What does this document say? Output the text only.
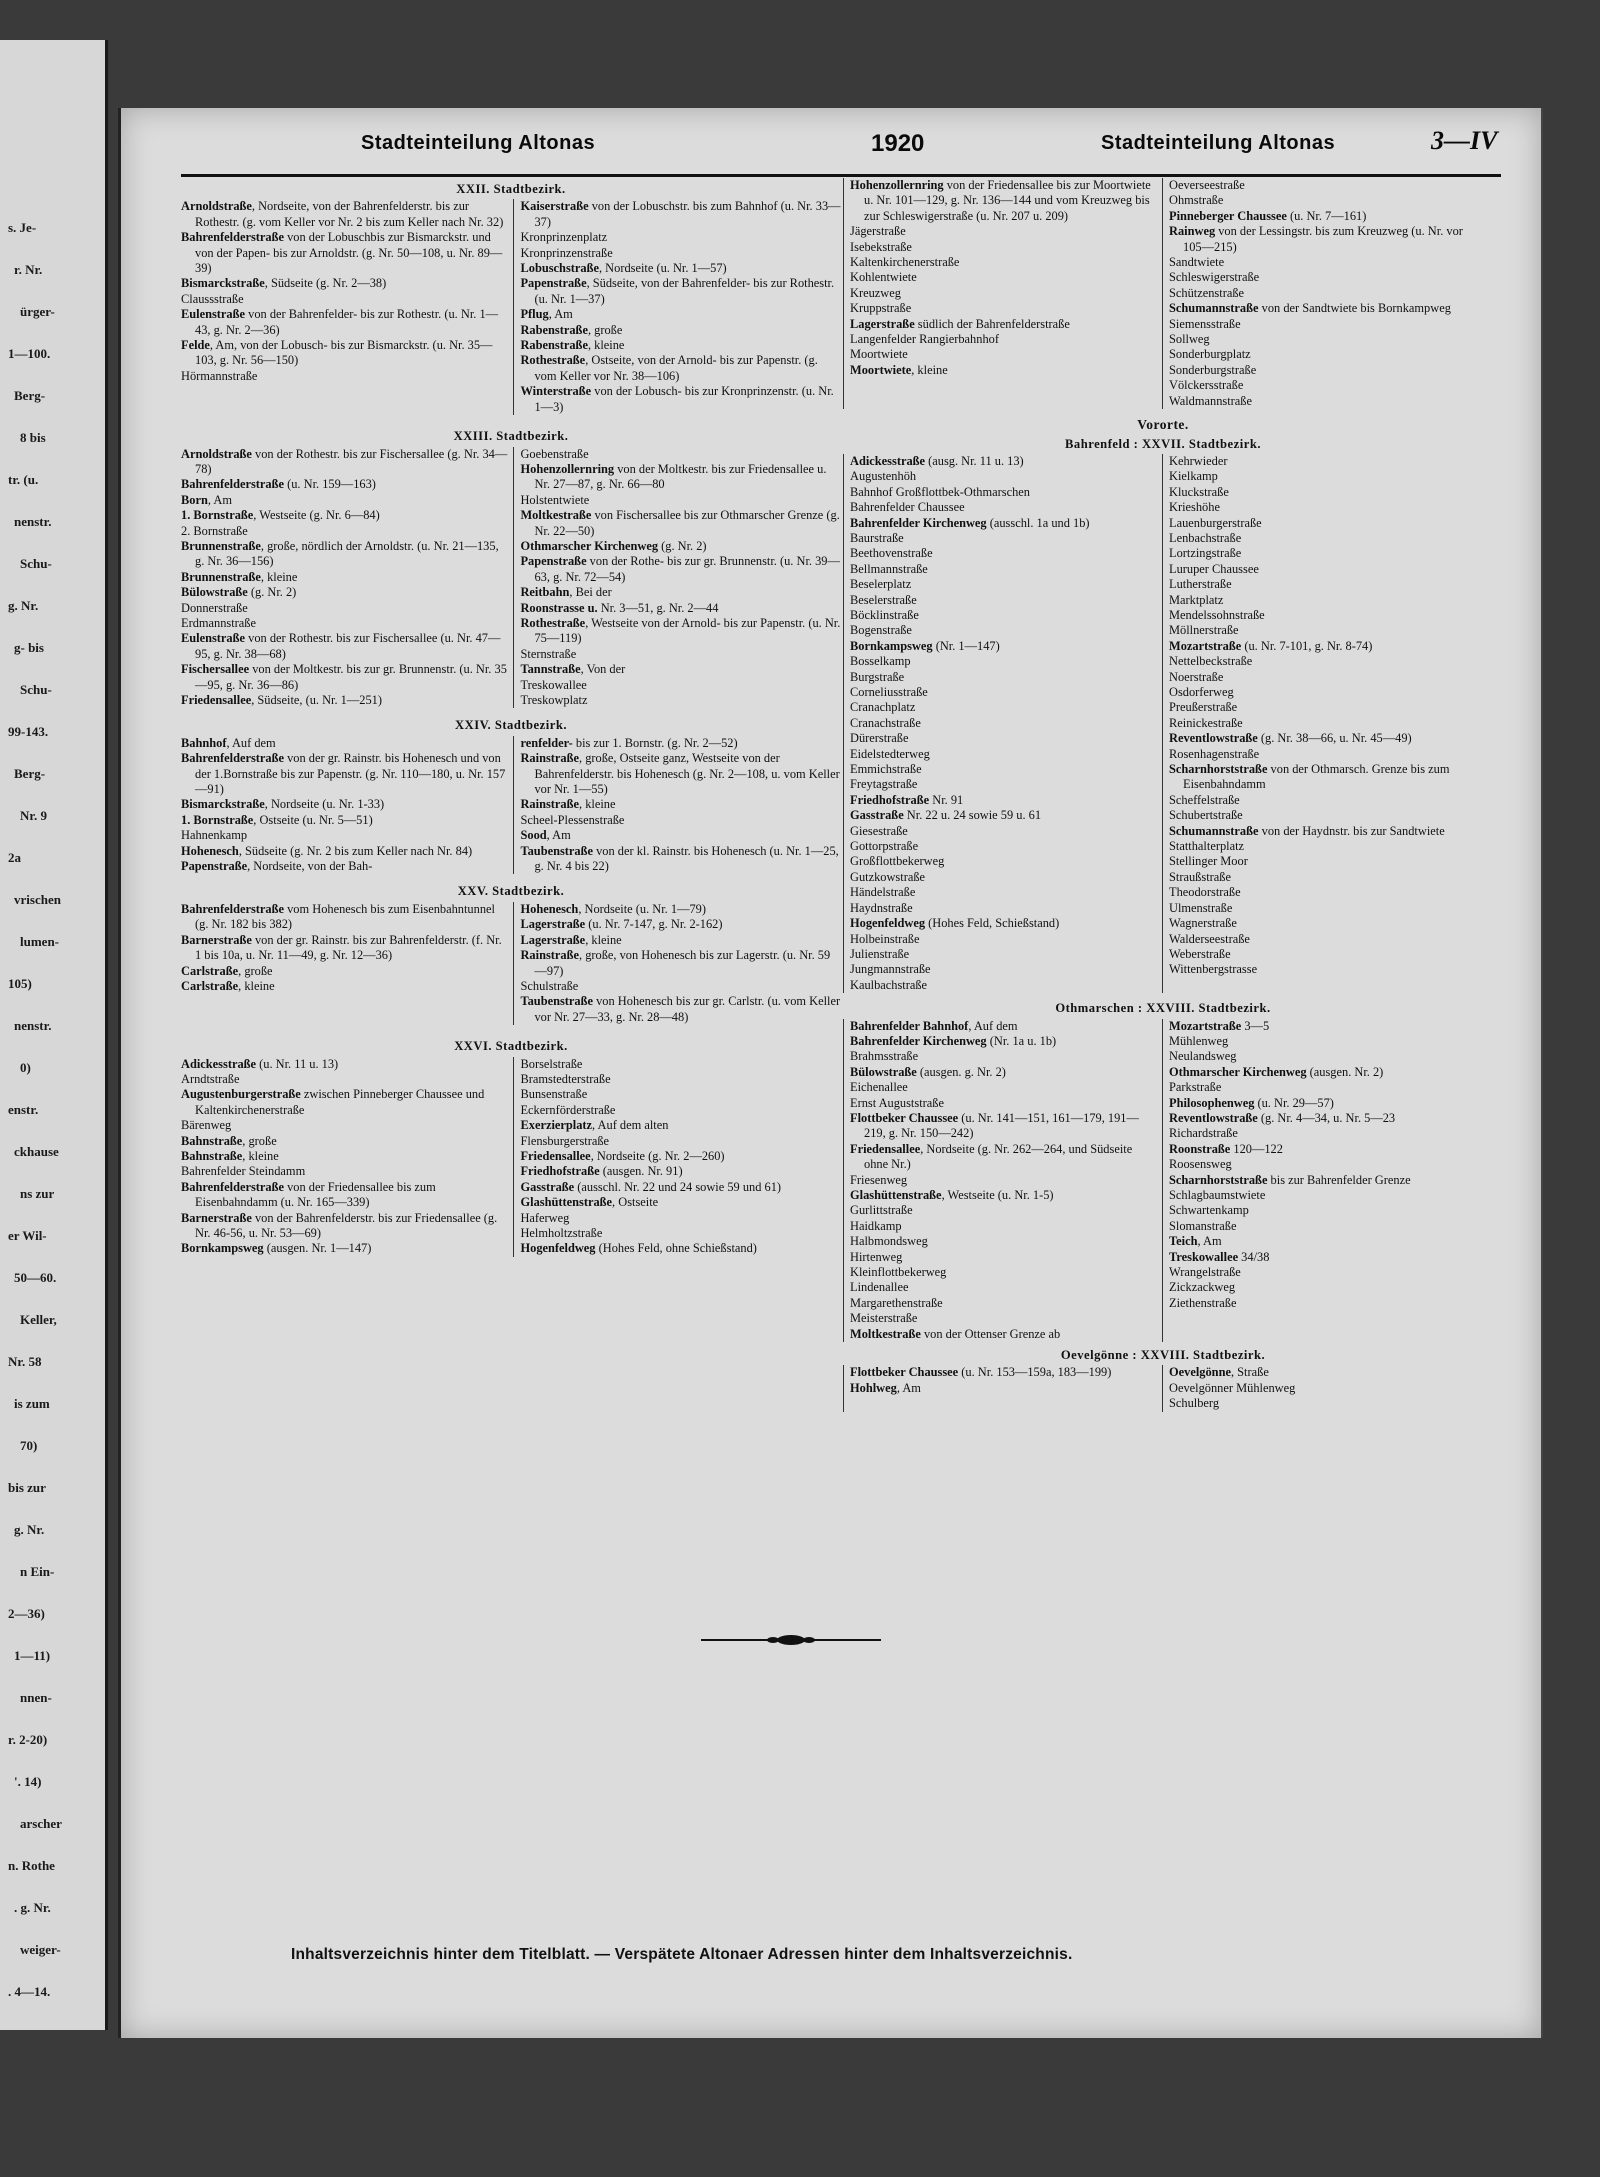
s. Je-
r. Nr.
ürger-
1—100.
Berg-
8 bis
tr. (u.
nenstr.
Schu-
g. Nr.
g- bis
Schu-
99-143.
Berg-
Nr. 9
2a
vrischen
lumen-
105)
nenstr.
0)
enstr.
ckhause
ns zur
er Wil-
50—60.
Keller,
Nr. 58
is zum
70)
bis zur
g. Nr.
n Ein-
2—36)
1—11)
nnen-
r. 2-20)
'. 14)
arscher
n. Rothe
. g. Nr.
weiger-
. 4—14.
Stadteinteilung Altonas	1920	Stadteinteilung Altonas	3—IV
XXII. Stadtbezirk.
Arnoldstraße, Nordseite, von der Bahrenfelderstr. bis zur Rothestr. (g. vom Keller vor Nr. 2 bis zum Keller nach Nr. 32)
Bahrenfelderstraße von der Lobuschbis zur Bismarckstr. und von der Papen- bis zur Arnoldstr. (g. Nr. 50—108, u. Nr. 89—39)
Bismarckstraße, Südseite (g. Nr. 2—38)
Claussstraße
Eulenstraße von der Bahrenfelder- bis zur Rothestr. (u. Nr. 1—43, g. Nr. 2—36)
Felde, Am, von der Lobusch- bis zur Bismarckstr. (u. Nr. 35—103, g. Nr. 56—150)
Hörmannstraße
Kaiserstraße von der Lobuschstr. bis zum Bahnhof (u. Nr. 33—37)
Kronprinzenplatz
Kronprinzenstraße
Lobuschstraße, Nordseite (u. Nr. 1—57)
Papenstraße, Südseite, von der Bahrenfelder- bis zur Rothestr. (u. Nr. 1—37)
Pflug, Am
Rabenstraße, große
Rabenstraße, kleine
Rothestraße, Ostseite, von der Arnold- bis zur Papenstr. (g. vom Keller vor Nr. 38—106)
Winterstraße von der Lobusch- bis zur Kronprinzenstr. (u. Nr. 1—3)
XXIII. Stadtbezirk.
Arnoldstraße von der Rothestr. bis zur Fischersallee (g. Nr. 34—78)
Bahrenfelderstraße (u. Nr. 159—163)
Born, Am
1. Bornstraße, Westseite (g. Nr. 6—84)
2. Bornstraße
Brunnenstraße, große, nördlich der Arnoldstr. (u. Nr. 21—135, g. Nr. 36—156)
Brunnenstraße, kleine
Bülowstraße (g. Nr. 2)
Donnerstraße
Erdmannstraße
Eulenstraße von der Rothestr. bis zur Fischersallee (u. Nr. 47—95, g. Nr. 38—68)
Fischersallee von der Moltkestr. bis zur gr. Brunnenstr. (u. Nr. 35—95, g. Nr. 36—86)
Friedensallee, Südseite, (u. Nr. 1—251)
Goebenstraße
Hohenzollernring von der Moltkestr. bis zur Friedensallee u. Nr. 27—87, g. Nr. 66—80
Holstentwiete
Moltkestraße von Fischersallee bis zur Othmarscher Grenze (g. Nr. 22—50)
Othmarscher Kirchenweg (g. Nr. 2)
Papenstraße von der Rothe- bis zur gr. Brunnenstr. (u. Nr. 39—63, g. Nr. 72—54)
Reitbahn, Bei der
Roonstrasse u. Nr. 3—51, g. Nr. 2—44
Rothestraße, Westseite von der Arnold- bis zur Papenstr. (u. Nr. 75—119)
Sternstraße
Tannstraße, Von der
Treskowallee
Treskowplatz
XXIV. Stadtbezirk.
Bahnhof, Auf dem
Bahrenfelderstraße von der gr. Rainstr. bis Hohenesch und von der 1.Bornstraße bis zur Papenstr. (g. Nr. 110—180, u. Nr. 157—91)
Bismarckstraße, Nordseite (u. Nr. 1-33)
1. Bornstraße, Ostseite (u. Nr. 5—51)
Hahnenkamp
Hohenesch, Südseite (g. Nr. 2 bis zum Keller nach Nr. 84)
Papenstraße, Nordseite, von der Bah-
renfelder- bis zur 1. Bornstr. (g. Nr. 2—52)
Rainstraße, große, Ostseite ganz, Westseite von der Bahrenfelderstr. bis Hohenesch (g. Nr. 2—108, u. vom Keller vor Nr. 1—55)
Rainstraße, kleine
Scheel-Plessenstraße
Sood, Am
Taubenstraße von der kl. Rainstr. bis Hohenesch (u. Nr. 1—25, g. Nr. 4 bis 22)
XXV. Stadtbezirk.
Bahrenfelderstraße vom Hohenesch bis zum Eisenbahntunnel (g. Nr. 182 bis 382)
Barnerstraße von der gr. Rainstr. bis zur Bahrenfelderstr. (f. Nr. 1 bis 10a, u. Nr. 11—49, g. Nr. 12—36)
Carlstraße, große
Carlstraße, kleine
Hohenesch, Nordseite (u. Nr. 1—79)
Lagerstraße (u. Nr. 7-147, g. Nr. 2-162)
Lagerstraße, kleine
Rainstraße, große, von Hohenesch bis zur Lagerstr. (u. Nr. 59—97)
Schulstraße
Taubenstraße von Hohenesch bis zur gr. Carlstr. (u. vom Keller vor Nr. 27—33, g. Nr. 28—48)
XXVI. Stadtbezirk.
Adickesstraße (u. Nr. 11 u. 13)
Arndtstraße
Augustenburgerstraße zwischen Pinneberger Chaussee und Kaltenkirchenerstraße
Bärenweg
Bahnstraße, große
Bahnstraße, kleine
Bahrenfelder Steindamm
Bahrenfelderstraße von der Friedensallee bis zum Eisenbahndamm (u. Nr. 165—339)
Barnerstraße von der Bahrenfelderstr. bis zur Friedensallee (g. Nr. 46-56, u. Nr. 53—69)
Bornkampsweg (ausgen. Nr. 1—147)
Borselstraße
Bramstedterstraße
Bunsenstraße
Eckernförderstraße
Exerzierplatz, Auf dem alten
Flensburgerstraße
Friedensallee, Nordseite (g. Nr. 2—260)
Friedhofstraße (ausgen. Nr. 91)
Gasstraße (ausschl. Nr. 22 und 24 sowie 59 und 61)
Glashüttenstraße, Ostseite
Haferweg
Helmholtzstraße
Hogenfeldweg (Hohes Feld, ohne Schießstand)
Hohenzollernring von der Friedensallee bis zur Moortwiete u. Nr. 101—129, g. Nr. 136—144 und vom Kreuzweg bis zur Schleswigerstraße (u. Nr. 207 u. 209)
Jägerstraße
Isebekstraße
Kaltenkirchenerstraße
Kohlentwiete
Kreuzweg
Kruppstraße
Lagerstraße südlich der Bahrenfelderstraße
Langenfelder Rangierbahnhof
Moortwiete
Moortwiete, kleine
Oeverseestraße
Ohmstraße
Pinneberger Chaussee (u. Nr. 7—161)
Rainweg von der Lessingstr. bis zum Kreuzweg (u. Nr. vor 105—215)
Sandtwiete
Schleswigerstraße
Schützenstraße
Schumannstraße von der Sandtwiete bis Bornkampweg
Siemensstraße
Sollweg
Sonderburgplatz
Sonderburgstraße
Völckersstraße
Waldmannstraße
Vororte.
Bahrenfeld : XXVII. Stadtbezirk.
Adickesstraße (ausg. Nr. 11 u. 13)
Augustenhöh
Bahnhof Großflottbek-Othmarschen
Bahrenfelder Chaussee
Bahrenfelder Kirchenweg (ausschl. 1a und 1b)
Baurstraße
Beethovenstraße
Bellmannstraße
Beselerplatz
Beselerstraße
Böcklinstraße
Bogenstraße
Bornkampsweg (Nr. 1—147)
Bosselkamp
Burgstraße
Corneliusstraße
Cranachplatz
Cranachstraße
Dürerstraße
Eidelstedterweg
Emmichstraße
Freytagstraße
Friedhofstraße Nr. 91
Gasstraße Nr. 22 u. 24 sowie 59 u. 61
Giesestraße
Gottorpstraße
Großflottbekerweg
Gutzkowstraße
Händelstraße
Haydnstraße
Hogenfeldweg (Hohes Feld, Schießstand)
Holbeinstraße
Julienstraße
Jungmannstraße
Kaulbachstraße
Kehrwieder
Kielkamp
Kluckstraße
Krieshöhe
Lauenburgerstraße
Lenbachstraße
Lortzingstraße
Luruper Chaussee
Lutherstraße
Marktplatz
Mendelssohnstraße
Möllnerstraße
Mozartstraße (u. Nr. 7-101, g. Nr. 8-74)
Nettelbeckstraße
Noerstraße
Osdorferweg
Preußerstraße
Reinickestraße
Reventlowstraße (g. Nr. 38—66, u. Nr. 45—49)
Rosenhagenstraße
Scharnhorststraße von der Othmarsch. Grenze bis zum Eisenbahndamm
Scheffelstraße
Schubertstraße
Schumannstraße von der Haydnstr. bis zur Sandtwiete
Statthalterplatz
Stellinger Moor
Straußstraße
Theodorstraße
Ulmenstraße
Wagnerstraße
Walderseestraße
Weberstraße
Wittenbergstrasse
Othmarschen : XXVIII. Stadtbezirk.
Bahrenfelder Bahnhof, Auf dem
Bahrenfelder Kirchenweg (Nr. 1a u. 1b)
Brahmsstraße
Bülowstraße (ausgen. g. Nr. 2)
Eichenallee
Ernst Auguststraße
Flottbeker Chaussee (u. Nr. 141—151, 161—179, 191—219, g. Nr. 150—242)
Friedensallee, Nordseite (g. Nr. 262—264, und Südseite ohne Nr.)
Friesenweg
Glashüttenstraße, Westseite (u. Nr. 1-5)
Gurlittstraße
Haidkamp
Halbmondsweg
Hirtenweg
Kleinflottbekerweg
Lindenallee
Margarethenstraße
Meisterstraße
Moltkestraße von der Ottenser Grenze ab
Mozartstraße 3—5
Mühlenweg
Neulandsweg
Othmarscher Kirchenweg (ausgen. Nr. 2)
Parkstraße
Philosophenweg (u. Nr. 29—57)
Reventlowstraße (g. Nr. 4—34, u. Nr. 5—23
Richardstraße
Roonstraße 120—122
Roosensweg
Scharnhorststraße bis zur Bahrenfelder Grenze
Schlagbaumstwiete
Schwartenkamp
Slomanstraße
Teich, Am
Treskowallee 34/38
Wrangelstraße
Zickzackweg
Ziethenstraße
Oevelgönne : XXVIII. Stadtbezirk.
Flottbeker Chaussee (u. Nr. 153—159a, 183—199)
Hohlweg, Am
Oevelgönne, Straße
Oevelgönner Mühlenweg
Schulberg
Inhaltsverzeichnis hinter dem Titelblatt. — Verspätete Altonaer Adressen hinter dem Inhaltsverzeichnis.
